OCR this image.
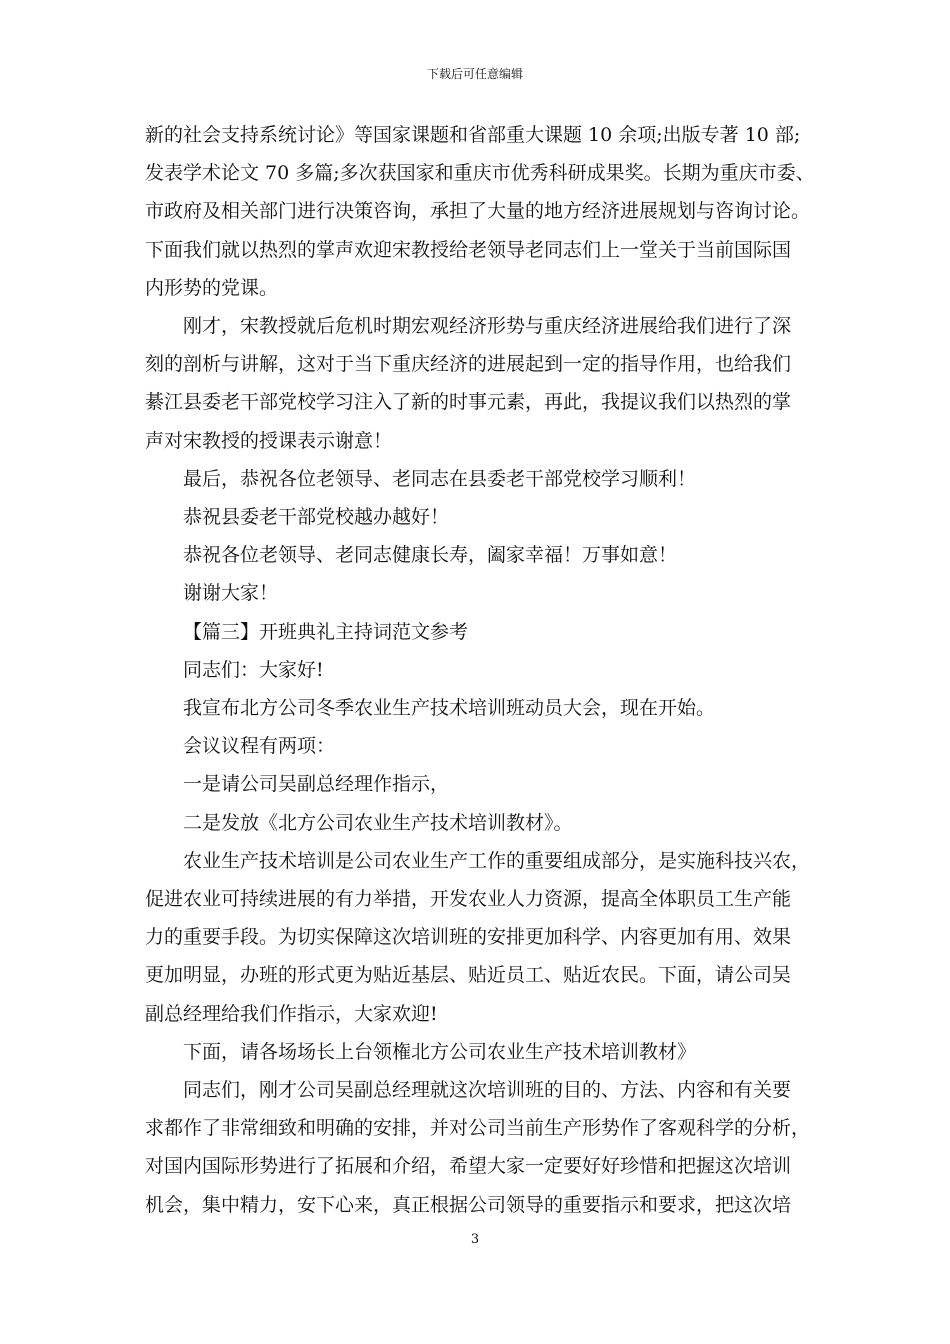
下载后可任意编辑
新的社会支持系统讨论》等国家课题和省部重大课题 10 余项;出版专著 10 部;
发表学术论文 70 多篇;多次获国家和重庆市优秀科研成果奖。长期为重庆市委、
市政府及相关部门进行决策咨询，承担了大量的地方经济进展规划与咨询讨论。
下面我们就以热烈的掌声欢迎宋教授给老领导老同志们上一堂关于当前国际国
内形势的党课。
刚才，宋教授就后危机时期宏观经济形势与重庆经济进展给我们进行了深
刻的剖析与讲解，这对于当下重庆经济的进展起到一定的指导作用，也给我们
綦江县委老干部党校学习注入了新的时事元素，再此，我提议我们以热烈的掌
声对宋教授的授课表示谢意！
最后，恭祝各位老领导、老同志在县委老干部党校学习顺利！
恭祝县委老干部党校越办越好！
恭祝各位老领导、老同志健康长寿，阖家幸福！万事如意！
谢谢大家！
【篇三】开班典礼主持词范文参考
同志们：大家好!
我宣布北方公司冬季农业生产技术培训班动员大会，现在开始。
会议议程有两项：
一是请公司吴副总经理作指示，
二是发放《北方公司农业生产技术培训教材》。
农业生产技术培训是公司农业生产工作的重要组成部分，是实施科技兴农，
促进农业可持续进展的有力举措，开发农业人力资源，提高全体职员工生产能
力的重要手段。为切实保障这次培训班的安排更加科学、内容更加有用、效果
更加明显，办班的形式更为贴近基层、贴近员工、贴近农民。下面，请公司吴
副总经理给我们作指示，大家欢迎!
下面，请各场场长上台领権北方公司农业生产技术培训教材》
同志们，刚才公司吴副总经理就这次培训班的目的、方法、内容和有关要
求都作了非常细致和明确的安排，并对公司当前生产形势作了客观科学的分析，
对国内国际形势进行了拓展和介绍，希望大家一定要好好珍惜和把握这次培训
机会，集中精力，安下心来，真正根据公司领导的重要指示和要求，把这次培
3
